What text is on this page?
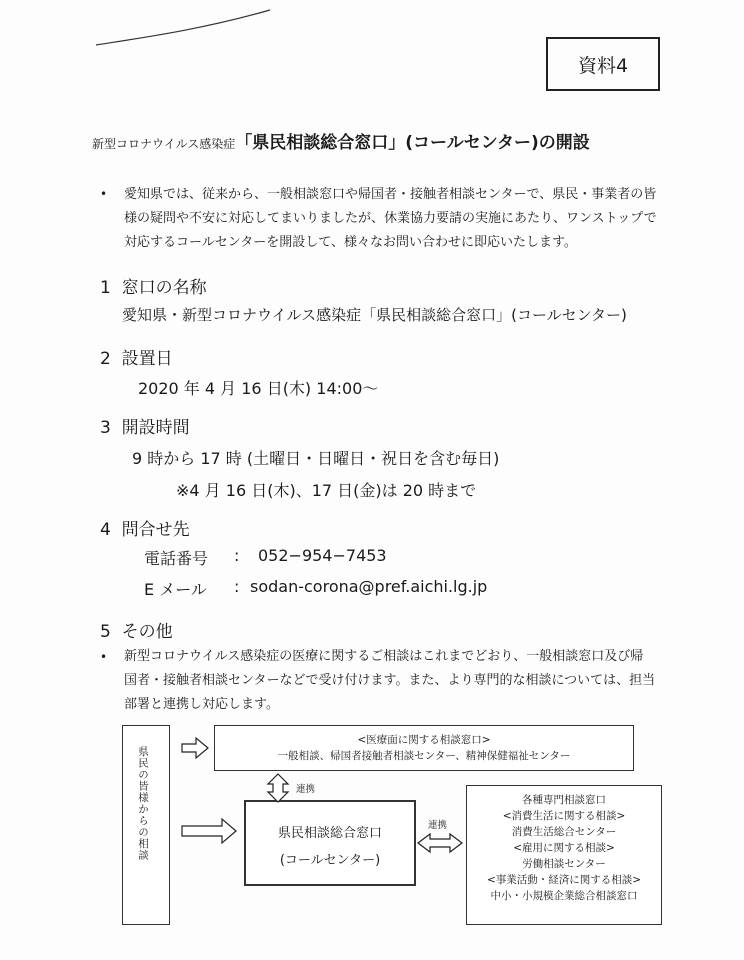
資料4
新型コロナウイルス感染症「県民相談総合窓口」(コールセンター)の開設
• 愛知県では、従来から、一般相談窓口や帰国者・接触者相談センターで、県民・事業者の皆
様の疑問や不安に対応してまいりましたが、休業協力要請の実施にあたり、ワンストップで
対応するコールセンターを開設して、様々なお問い合わせに即応いたします。
1 窓口の名称
愛知県・新型コロナウイルス感染症「県民相談総合窓口」(コールセンター)
2 設置日
2020 年 4 月 16 日(木) 14:00〜
3 開設時間
9 時から 17 時 (土曜日・日曜日・祝日を含む毎日)
※4 月 16 日(木)、17 日(金)は 20 時まで
4 問合せ先
電話番号 : 052−954−7453
E メール : sodan-corona@pref.aichi.lg.jp
5 その他
• 新型コロナウイルス感染症の医療に関するご相談はこれまでどおり、一般相談窓口及び帰
国者・接触者相談センターなどで受け付けます。また、より専門的な相談については、担当
部署と連携し対応します。
県民の皆様からの相談
<医療面に関する相談窓口>
一般相談、帰国者接触者相談センター、精神保健福祉センター
県民相談総合窓口
(コールセンター)
各種専門相談窓口
<消費生活に関する相談>
消費生活総合センター
<雇用に関する相談>
労働相談センター
<事業活動・経済に関する相談>
中小・小規模企業総合相談窓口
連携
連携
